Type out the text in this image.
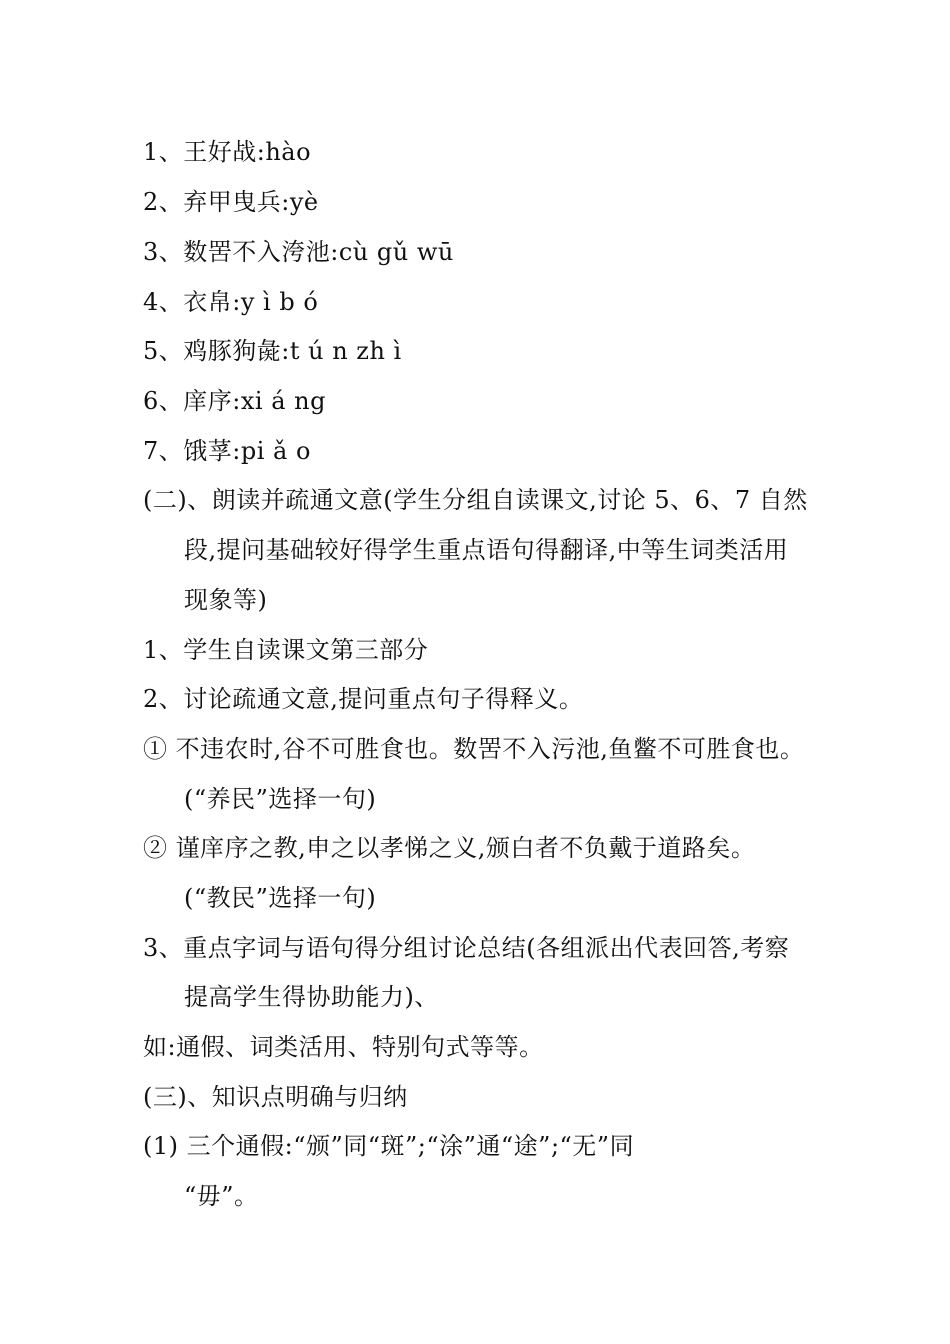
1、王好战:hào
2、弃甲曳兵:yè
3、数罟不入洿池:cù gǔ wū
4、衣帛:y ì b ó
5、鸡豚狗彘:t ú n zh ì
6、庠序:xi á ng
7、饿莩:pi ǎ o
(二)、朗读并疏通文意(学生分组自读课文,讨论 5、6、7 自然
段,提问基础较好得学生重点语句得翻译,中等生词类活用
现象等)
1、学生自读课文第三部分
2、讨论疏通文意,提问重点句子得释义。
① 不违农时,谷不可胜食也。数罟不入污池,鱼鳖不可胜食也。
(“养民”选择一句)
② 谨庠序之教,申之以孝悌之义,颁白者不负戴于道路矣。
(“教民”选择一句)
3、重点字词与语句得分组讨论总结(各组派出代表回答,考察
提高学生得协助能力)、
如:通假、词类活用、特别句式等等。
(三)、知识点明确与归纳
(1) 三个通假:“颁”同“斑”;“涂”通“途”;“无”同
“毋”。
